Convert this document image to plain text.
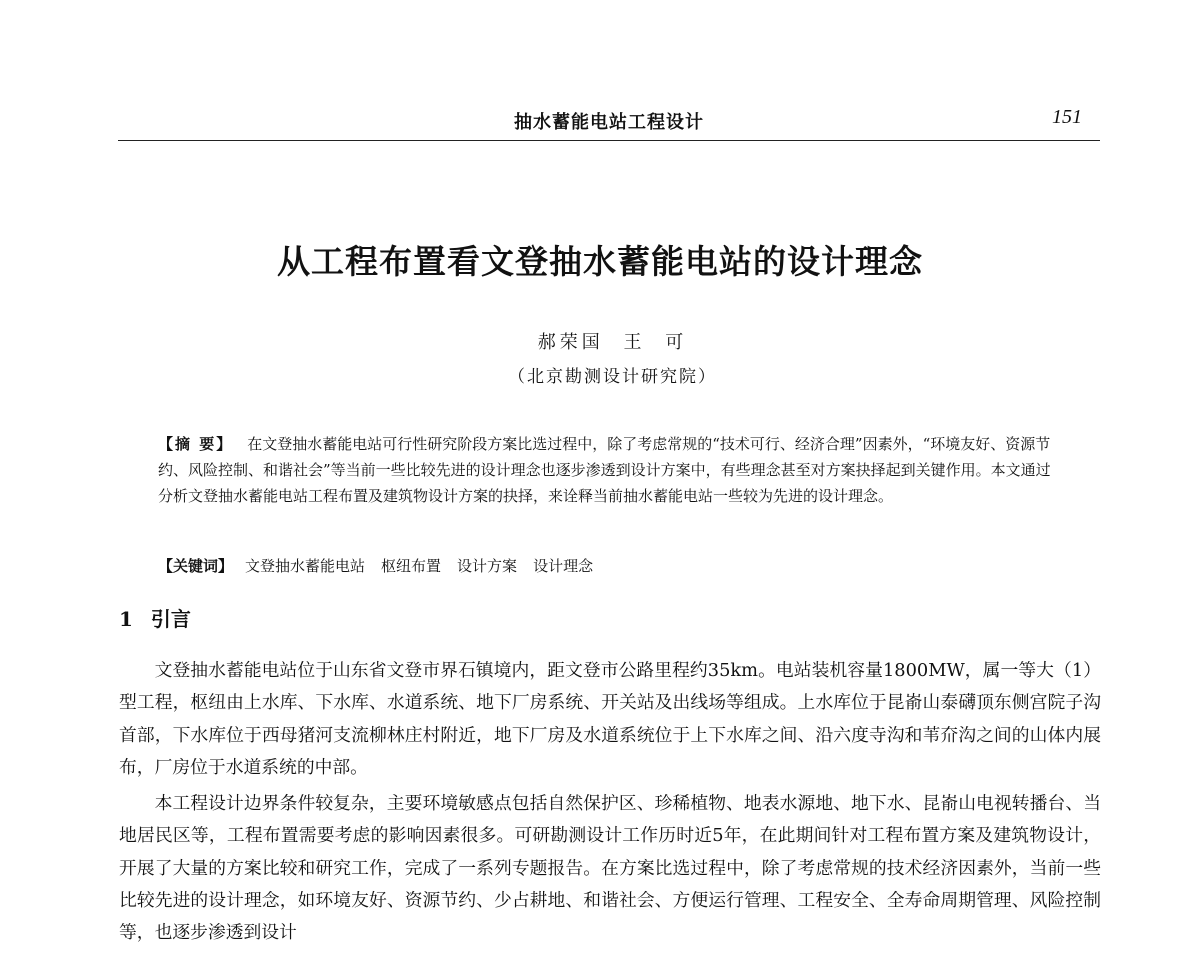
抽水蓄能电站工程设计	151
从工程布置看文登抽水蓄能电站的设计理念
郝荣国 王 可
（北京勘测设计研究院）
【摘 要】 在文登抽水蓄能电站可行性研究阶段方案比选过程中，除了考虑常规的“技术可行、经济合理”因素外，“环境友好、资源节约、风险控制、和谐社会”等当前一些比较先进的设计理念也逐步渗透到设计方案中，有些理念甚至对方案抉择起到关键作用。本文通过分析文登抽水蓄能电站工程布置及建筑物设计方案的抉择，来诠释当前抽水蓄能电站一些较为先进的设计理念。
【关键词】 文登抽水蓄能电站 枢纽布置 设计方案 设计理念
1 引言

文登抽水蓄能电站位于山东省文登市界石镇境内，距文登市公路里程约35km。电站装机容量1800MW，属一等大（1）型工程，枢纽由上水库、下水库、水道系统、地下厂房系统、开关站及出线场等组成。上水库位于昆嵛山泰礴顶东侧宫院子沟首部，下水库位于西母猪河支流柳林庄村附近，地下厂房及水道系统位于上下水库之间、沿六度寺沟和苇夼沟之间的山体内展布，厂房位于水道系统的中部。

本工程设计边界条件较复杂，主要环境敏感点包括自然保护区、珍稀植物、地表水源地、地下水、昆嵛山电视转播台、当地居民区等，工程布置需要考虑的影响因素很多。可研勘测设计工作历时近5年，在此期间针对工程布置方案及建筑物设计，开展了大量的方案比较和研究工作，完成了一系列专题报告。在方案比选过程中，除了考虑常规的技术经济因素外，当前一些比较先进的设计理念，如环境友好、资源节约、少占耕地、和谐社会、方便运行管理、工程安全、全寿命周期管理、风险控制等，也逐步渗透到设计
